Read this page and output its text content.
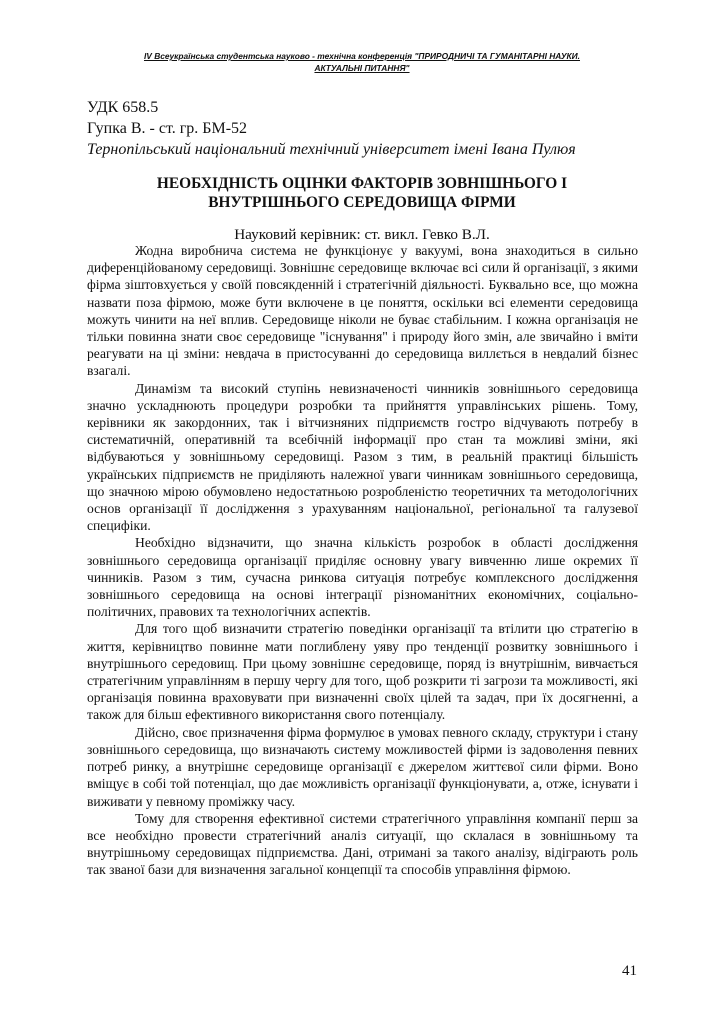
IV Всеукраїнська студентська науково - технічна конференція "ПРИРОДНИЧІ ТА ГУМАНІТАРНІ НАУКИ.
АКТУАЛЬНІ ПИТАННЯ"
УДК 658.5
Гупка В. - ст. гр. БМ-52
Тернопільський національний технічний університет імені Івана Пулюя
НЕОБХІДНІСТЬ ОЦІНКИ ФАКТОРІВ ЗОВНІШНЬОГО І
ВНУТРІШНЬОГО СЕРЕДОВИЩА ФІРМИ
Науковий керівник: ст. викл. Гевко В.Л.

Жодна виробнича система не функціонує у вакуумі, вона знаходиться в сильно диференційованому середовищі. Зовнішнє середовище включає всі сили й організації, з якими фірма зіштовхується у своїй повсякденній і стратегічній діяльності. Буквально все, що можна назвати поза фірмою, може бути включене в це поняття, оскільки всі елементи середовища можуть чинити на неї вплив. Середовище ніколи не буває стабільним. І кожна організація не тільки повинна знати своє середовище "існування" і природу його змін, але звичайно і вміти реагувати на ці зміни: невдача в пристосуванні до середовища виллється в невдалий бізнес взагалі.

Динамізм та високий ступінь невизначеності чинників зовнішнього середовища значно ускладнюють процедури розробки та прийняття управлінських рішень. Тому, керівники як закордонних, так і вітчизняних підприємств гостро відчувають потребу в систематичній, оперативній та всебічній інформації про стан та можливі зміни, які відбуваються у зовнішньому середовищі. Разом з тим, в реальній практиці більшість українських підприємств не приділяють належної уваги чинникам зовнішнього середовища, що значною мірою обумовлено недостатньою розробленістю теоретичних та методологічних основ організації її дослідження з урахуванням національної, регіональної та галузевої специфіки.

Необхідно відзначити, що значна кількість розробок в області дослідження зовнішнього середовища організації приділяє основну увагу вивченню лише окремих її чинників. Разом з тим, сучасна ринкова ситуація потребує комплексного дослідження зовнішнього середовища на основі інтеграції різноманітних економічних, соціально-політичних, правових та технологічних аспектів.

Для того щоб визначити стратегію поведінки організації та втілити цю стратегію в життя, керівництво повинне мати поглиблену уяву про тенденції розвитку зовнішнього і внутрішнього середовищ. При цьому зовнішнє середовище, поряд із внутрішнім, вивчається стратегічним управлінням в першу чергу для того, щоб розкрити ті загрози та можливості, які організація повинна враховувати при визначенні своїх цілей та задач, при їх досягненні, а також для більш ефективного використання свого потенціалу.

Дійсно, своє призначення фірма формулює в умовах певного складу, структури і стану зовнішнього середовища, що визначають систему можливостей фірми із задоволення певних потреб ринку, а внутрішнє середовище організації є джерелом життєвої сили фірми. Воно вміщує в собі той потенціал, що дає можливість організації функціонувати, а, отже, існувати і виживати у певному проміжку часу.

Тому для створення ефективної системи стратегічного управління компанії перш за все необхідно провести стратегічний аналіз ситуації, що склалася в зовнішньому та внутрішньому середовищах підприємства. Дані, отримані за такого аналізу, відіграють роль так званої бази для визначення загальної концепції та способів управління фірмою.

41
